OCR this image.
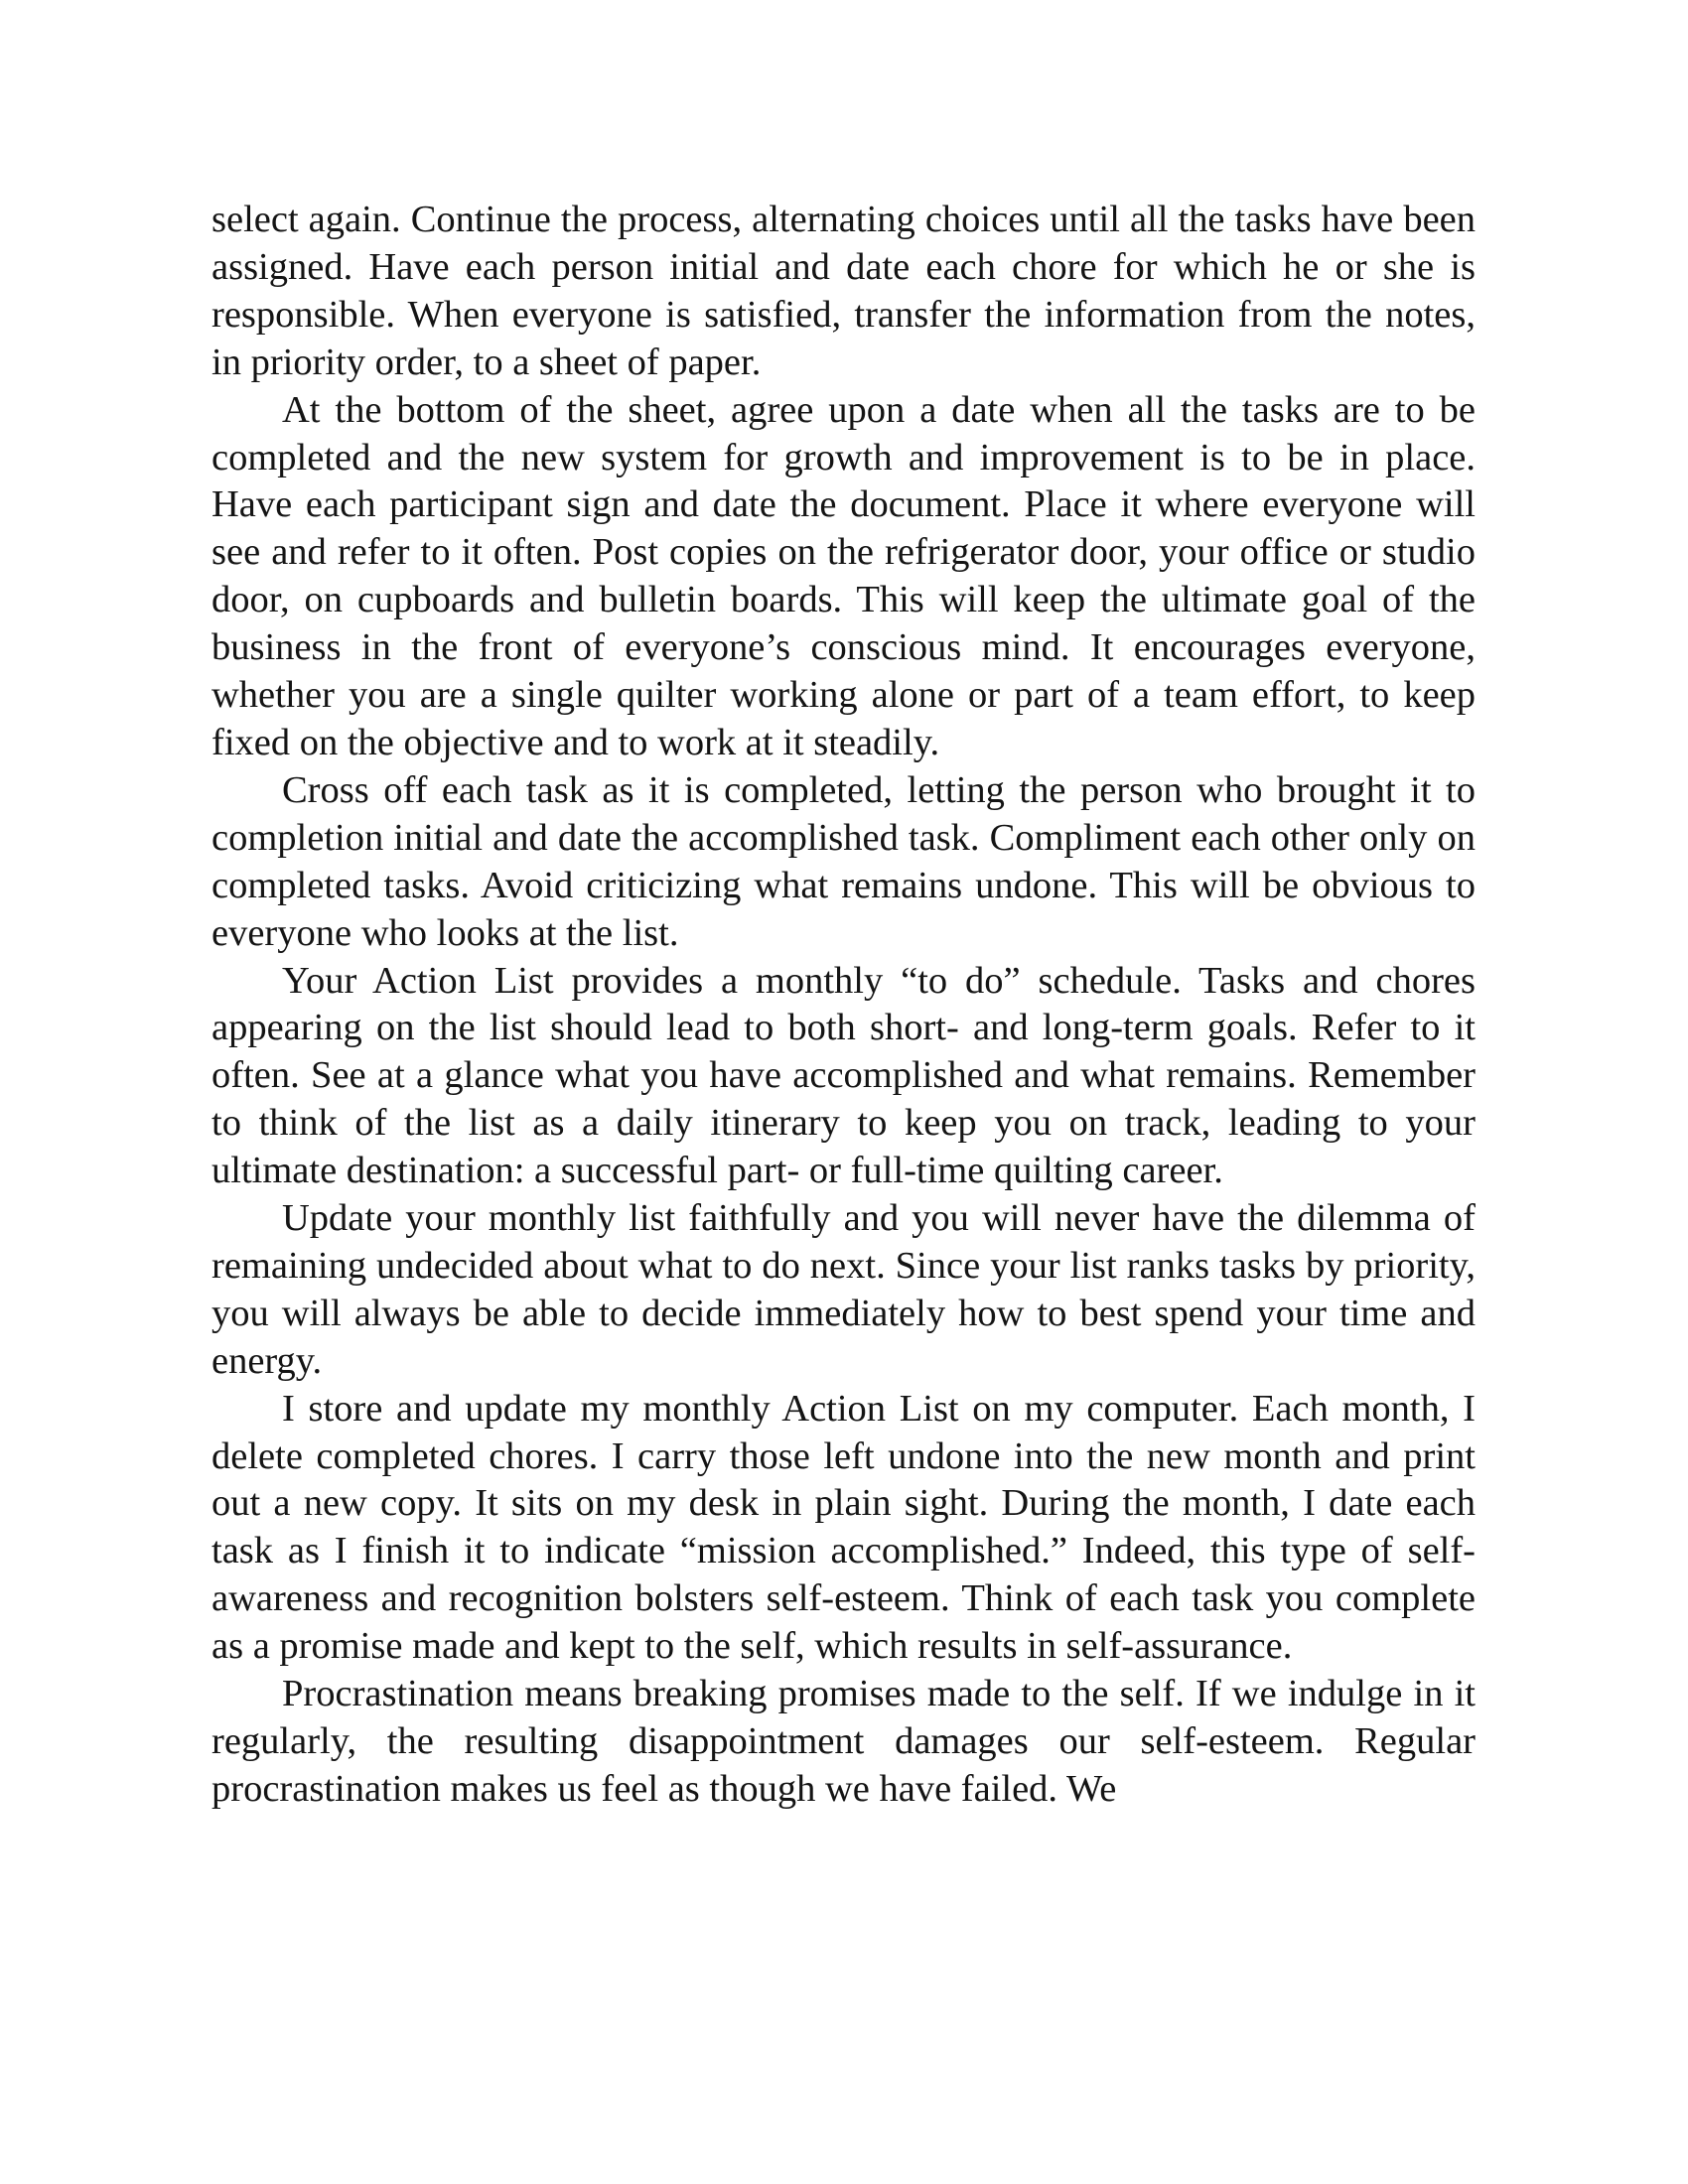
select again. Continue the process, alternating choices until all the tasks have been assigned. Have each person initial and date each chore for which he or she is responsible. When everyone is satisfied, transfer the information from the notes, in priority order, to a sheet of paper.

At the bottom of the sheet, agree upon a date when all the tasks are to be completed and the new system for growth and improvement is to be in place. Have each participant sign and date the document. Place it where everyone will see and refer to it often. Post copies on the refrigerator door, your office or studio door, on cupboards and bulletin boards. This will keep the ultimate goal of the business in the front of everyone’s conscious mind. It encourages everyone, whether you are a single quilter working alone or part of a team effort, to keep fixed on the objective and to work at it steadily.

Cross off each task as it is completed, letting the person who brought it to completion initial and date the accomplished task. Compliment each other only on completed tasks. Avoid criticizing what remains undone. This will be obvious to everyone who looks at the list.

Your Action List provides a monthly “to do” schedule. Tasks and chores appearing on the list should lead to both short- and long-term goals. Refer to it often. See at a glance what you have accomplished and what remains. Remember to think of the list as a daily itinerary to keep you on track, leading to your ultimate destination: a successful part- or full-time quilting career.

Update your monthly list faithfully and you will never have the dilemma of remaining undecided about what to do next. Since your list ranks tasks by priority, you will always be able to decide immediately how to best spend your time and energy.

I store and update my monthly Action List on my computer. Each month, I delete completed chores. I carry those left undone into the new month and print out a new copy. It sits on my desk in plain sight. During the month, I date each task as I finish it to indicate “mission accomplished.” Indeed, this type of self-awareness and recognition bolsters self-esteem. Think of each task you complete as a promise made and kept to the self, which results in self-assurance.

Procrastination means breaking promises made to the self. If we indulge in it regularly, the resulting disappointment damages our self-esteem. Regular procrastination makes us feel as though we have failed. We
